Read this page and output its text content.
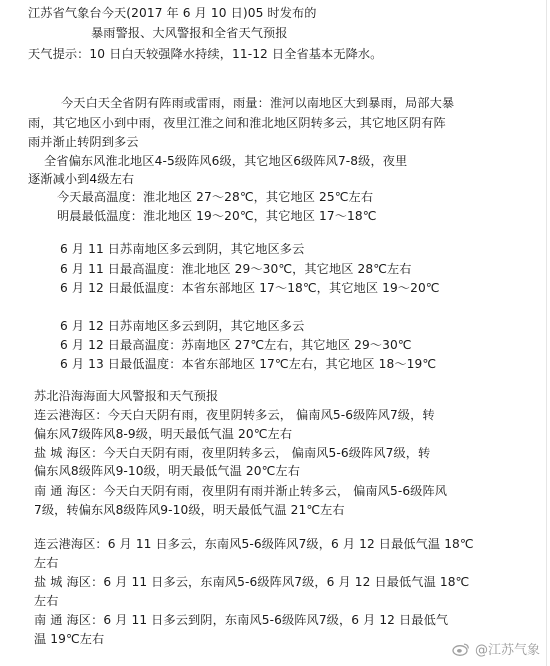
江苏省气象台今天(2017 年 6 月 10 日)05 时发布的
暴雨警报、大风警报和全省天气预报
天气提示：10 日白天较强降水持续，11-12 日全省基本无降水。
今天白天全省阴有阵雨或雷雨，雨量：淮河以南地区大到暴雨，局部大暴
雨，其它地区小到中雨，夜里江淮之间和淮北地区阴转多云，其它地区阴有阵
雨并渐止转阴到多云
全省偏东风淮北地区4-5级阵风6级，其它地区6级阵风7-8级，夜里
逐渐减小到4级左右
今天最高温度：淮北地区 27～28℃，其它地区 25℃左右
明晨最低温度：淮北地区 19～20℃，其它地区 17～18℃
6 月 11 日苏南地区多云到阴，其它地区多云
6 月 11 日最高温度：淮北地区 29～30℃，其它地区 28℃左右
6 月 12 日最低温度：本省东部地区 17～18℃，其它地区 19～20℃
6 月 12 日苏南地区多云到阴，其它地区多云
6 月 12 日最高温度：苏南地区 27℃左右，其它地区 29～30℃
6 月 13 日最低温度：本省东部地区 17℃左右，其它地区 18～19℃
苏北沿海海面大风警报和天气预报
连云港海区：今天白天阴有雨，夜里阴转多云， 偏南风5-6级阵风7级，转
偏东风7级阵风8-9级，明天最低气温 20℃左右
盐 城 海区：今天白天阴有雨，夜里阴转多云， 偏南风5-6级阵风7级，转
偏东风8级阵风9-10级，明天最低气温 20℃左右
南 通 海区：今天白天阴有雨，夜里阴有雨并渐止转多云， 偏南风5-6级阵风
7级，转偏东风8级阵风9-10级，明天最低气温 21℃左右
连云港海区：6 月 11 日多云，东南风5-6级阵风7级，6 月 12 日最低气温 18℃
左右
盐 城 海区：6 月 11 日多云，东南风5-6级阵风7级，6 月 12 日最低气温 18℃
左右
南 通 海区：6 月 11 日多云到阴，东南风5-6级阵风7级，6 月 12 日最低气
温 19℃左右
@江苏气象
